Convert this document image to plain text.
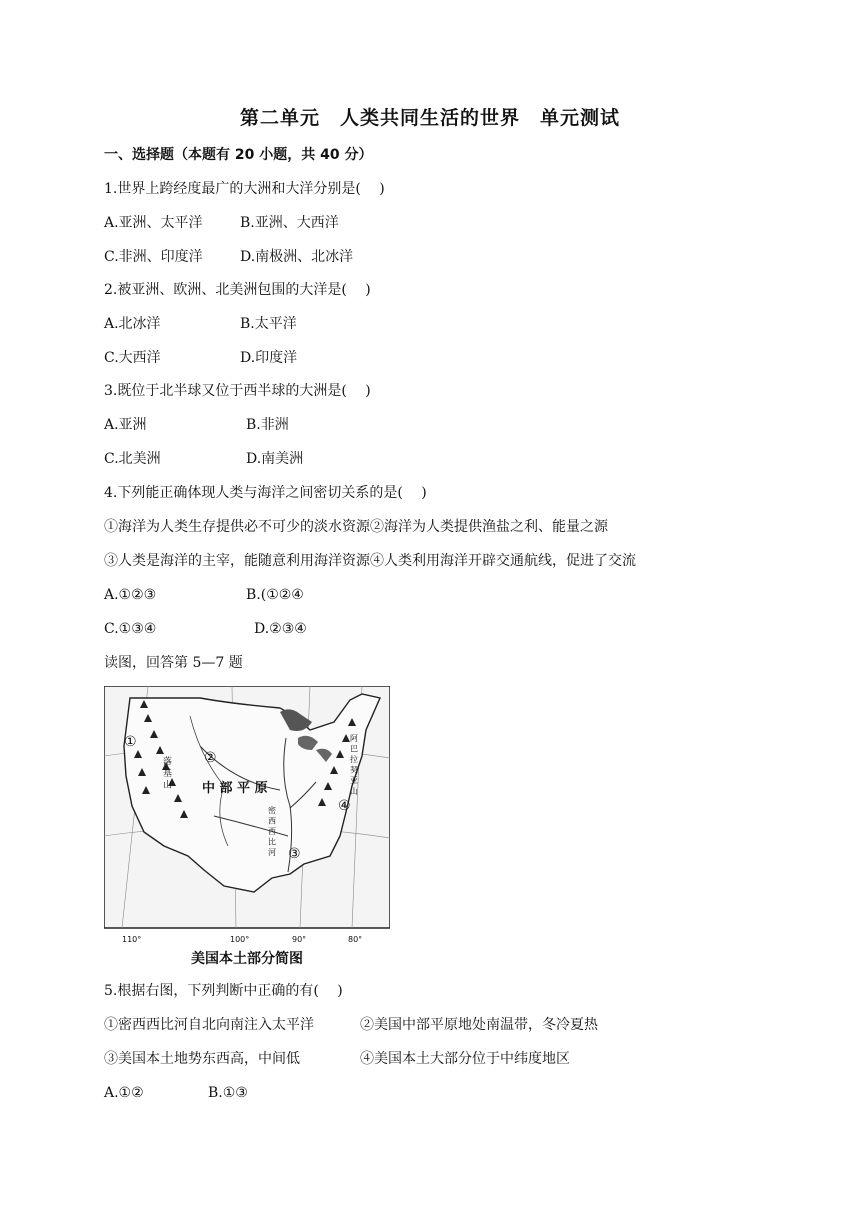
第二单元　人类共同生活的世界　单元测试
一、选择题（本题有 20 小题，共 40 分）
1.世界上跨经度最广的大洲和大洋分别是(　 )
A.亚洲、太平洋	B.亚洲、大西洋
C.非洲、印度洋	D.南极洲、北冰洋
2.被亚洲、欧洲、北美洲包围的大洋是(　 )
A.北冰洋	B.太平洋
C.大西洋	D.印度洋
3.既位于北半球又位于西半球的大洲是(　 )
A.亚洲	B.非洲
C.北美洲	D.南美洲
4.下列能正确体现人类与海洋之间密切关系的是(　 )
①海洋为人类生存提供必不可少的淡水资源②海洋为人类提供渔盐之利、能量之源
③人类是海洋的主宰，能随意利用海洋资源④人类利用海洋开辟交通航线，促进了交流
A.①②③	B.(①②④
C.①③④	D.②③④
读图，回答第 5—7 题
①
②
③
④
中 部 平 原
落 基 山
密 西 西 比 河
阿 巴 拉 契 亚 山
110°	100°	90°	80°
美国本土部分简图
5.根据右图，下列判断中正确的有(　 )
①密西西比河自北向南注入太平洋	②美国中部平原地处南温带，冬冷夏热
③美国本土地势东西高，中间低	④美国本土大部分位于中纬度地区
A.①②	B.①③
